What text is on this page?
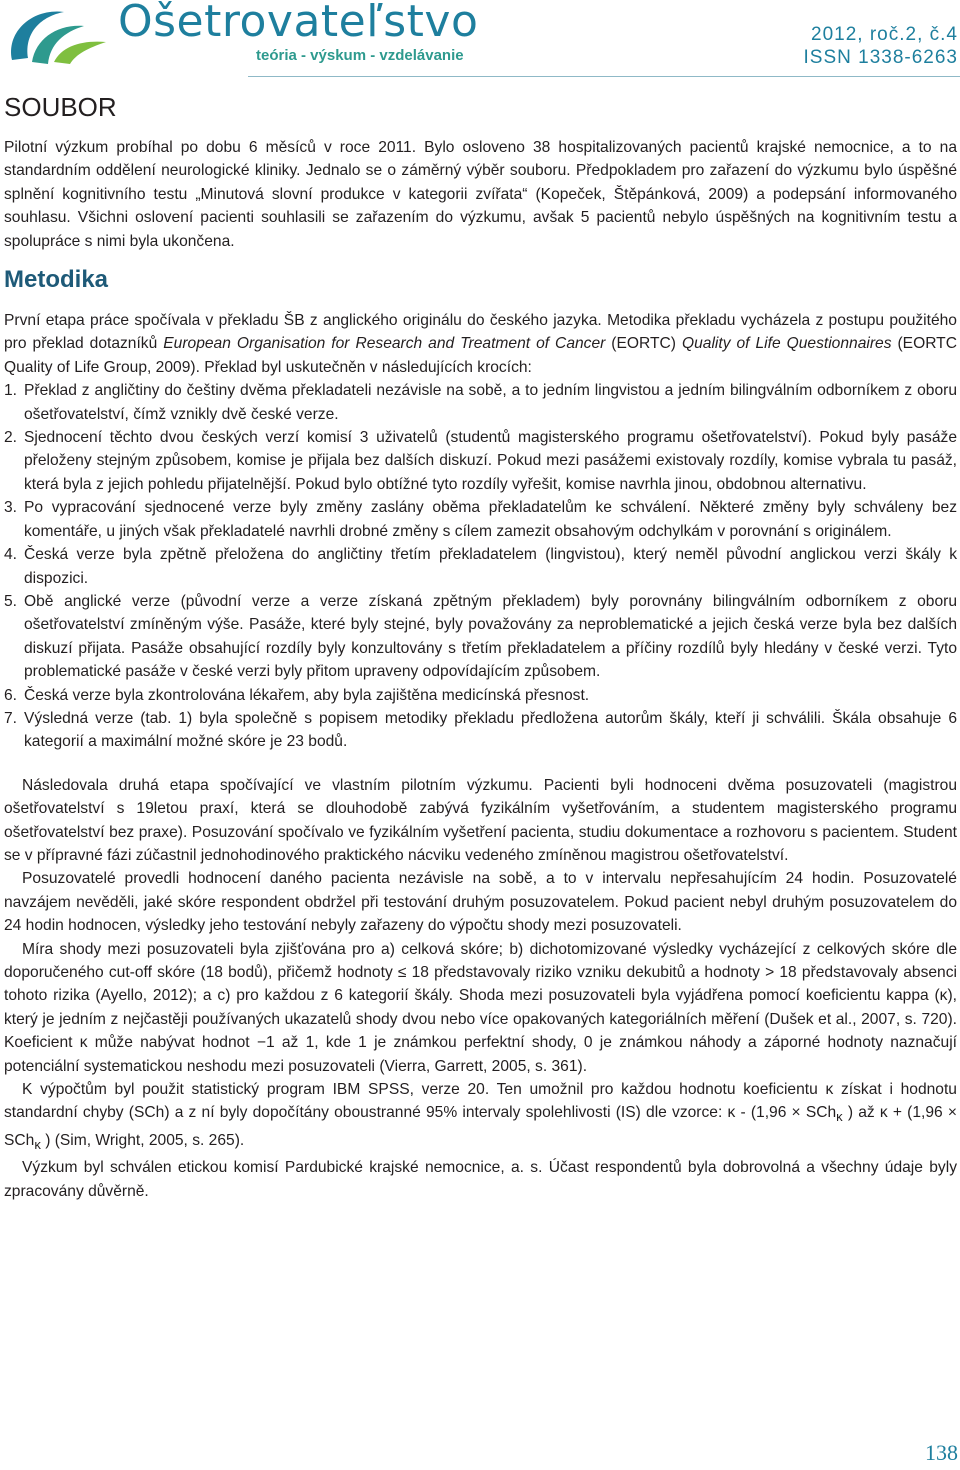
Ošetrovateľstvo
teória - výskum - vzdelávanie
2012, roč.2, č.4
ISSN 1338-6263
SOUBOR

Pilotní výzkum probíhal po dobu 6 měsíců v roce 2011. Bylo osloveno 38 hospitalizovaných pacientů krajské nemocnice, a to na standardním oddělení neurologické kliniky. Jednalo se o záměrný výběr souboru. Předpokladem pro zařazení do výzkumu bylo úspěšné splnění kognitivního testu „Minutová slovní produkce v kategorii zvířata“ (Kopeček, Štěpánková, 2009) a podepsání informovaného souhlasu. Všichni oslovení pacienti souhlasili se zařazením do výzkumu, avšak 5 pacientů nebylo úspěšných na kognitivním testu a spolupráce s nimi byla ukončena.

Metodika

První etapa práce spočívala v překladu ŠB z anglického originálu do českého jazyka. Metodika překladu vycházela z postupu použitého pro překlad dotazníků European Organisation for Research and Treatment of Cancer (EORTC) Quality of Life Questionnaires (EORTC Quality of Life Group, 2009). Překlad byl uskutečněn v následujících krocích:

1. Překlad z angličtiny do češtiny dvěma překladateli nezávisle na sobě, a to jedním lingvistou a jedním bilingválním odborníkem z oboru ošetřovatelství, čímž vznikly dvě české verze.
2. Sjednocení těchto dvou českých verzí komisí 3 uživatelů (studentů magisterského programu ošetřovatelství). Pokud byly pasáže přeloženy stejným způsobem, komise je přijala bez dalších diskuzí. Pokud mezi pasážemi existovaly rozdíly, komise vybrala tu pasáž, která byla z jejich pohledu přijatelnější. Pokud bylo obtížné tyto rozdíly vyřešit, komise navrhla jinou, obdobnou alternativu.
3. Po vypracování sjednocené verze byly změny zaslány oběma překladatelům ke schválení. Některé změny byly schváleny bez komentáře, u jiných však překladatelé navrhli drobné změny s cílem zamezit obsahovým odchylkám v porovnání s originálem.
4. Česká verze byla zpětně přeložena do angličtiny třetím překladatelem (lingvistou), který neměl původní anglickou verzi škály k dispozici.
5. Obě anglické verze (původní verze a verze získaná zpětným překladem) byly porovnány bilingválním odborníkem z oboru ošetřovatelství zmíněným výše. Pasáže, které byly stejné, byly považovány za neproblematické a jejich česká verze byla bez dalších diskuzí přijata. Pasáže obsahující rozdíly byly konzultovány s třetím překladatelem a příčiny rozdílů byly hledány v české verzi. Tyto problematické pasáže v české verzi byly přitom upraveny odpovídajícím způsobem.
6. Česká verze byla zkontrolována lékařem, aby byla zajištěna medicínská přesnost.
7. Výsledná verze (tab. 1) byla společně s popisem metodiky překladu předložena autorům škály, kteří ji schválili. Škála obsahuje 6 kategorií a maximální možné skóre je 23 bodů.

Následovala druhá etapa spočívající ve vlastním pilotním výzkumu. Pacienti byli hodnoceni dvěma posuzovateli (magistrou ošetřovatelství s 19letou praxí, která se dlouhodobě zabývá fyzikálním vyšetřováním, a studentem magisterského programu ošetřovatelství bez praxe). Posuzování spočívalo ve fyzikálním vyšetření pacienta, studiu dokumentace a rozhovoru s pacientem. Student se v přípravné fázi zúčastnil jednohodinového praktického nácviku vedeného zmíněnou magistrou ošetřovatelství.

Posuzovatelé provedli hodnocení daného pacienta nezávisle na sobě, a to v intervalu nepřesahujícím 24 hodin. Posuzovatelé navzájem nevěděli, jaké skóre respondent obdržel při testování druhým posuzovatelem. Pokud pacient nebyl druhým posuzovatelem do 24 hodin hodnocen, výsledky jeho testování nebyly zařazeny do výpočtu shody mezi posuzovateli.

Míra shody mezi posuzovateli byla zjišťována pro a) celková skóre; b) dichotomizované výsledky vycházející z celkových skóre dle doporučeného cut-off skóre (18 bodů), přičemž hodnoty ≤ 18 představovaly riziko vzniku dekubitů a hodnoty > 18 představovaly absenci tohoto rizika (Ayello, 2012); a c) pro každou z 6 kategorií škály. Shoda mezi posuzovateli byla vyjádřena pomocí koeficientu kappa (κ), který je jedním z nejčastěji používaných ukazatelů shody dvou nebo více opakovaných kategoriálních měření (Dušek et al., 2007, s. 720). Koeficient κ může nabývat hodnot −1 až 1, kde 1 je známkou perfektní shody, 0 je známkou náhody a záporné hodnoty naznačují potenciální systematickou neshodu mezi posuzovateli (Vierra, Garrett, 2005, s. 361).

K výpočtům byl použit statistický program IBM SPSS, verze 20. Ten umožnil pro každou hodnotu koeficientu κ získat i hodnotu standardní chyby (SCh) a z ní byly dopočítány oboustranné 95% intervaly spolehlivosti (IS) dle vzorce: κ - (1,96 × SCh$_\kappa$ ) až κ + (1,96 × SCh$_\kappa$ ) (Sim, Wright, 2005, s. 265).

Výzkum byl schválen etickou komisí Pardubické krajské nemocnice, a. s. Účast respondentů byla dobrovolná a všechny údaje byly zpracovány důvěrně.

138
